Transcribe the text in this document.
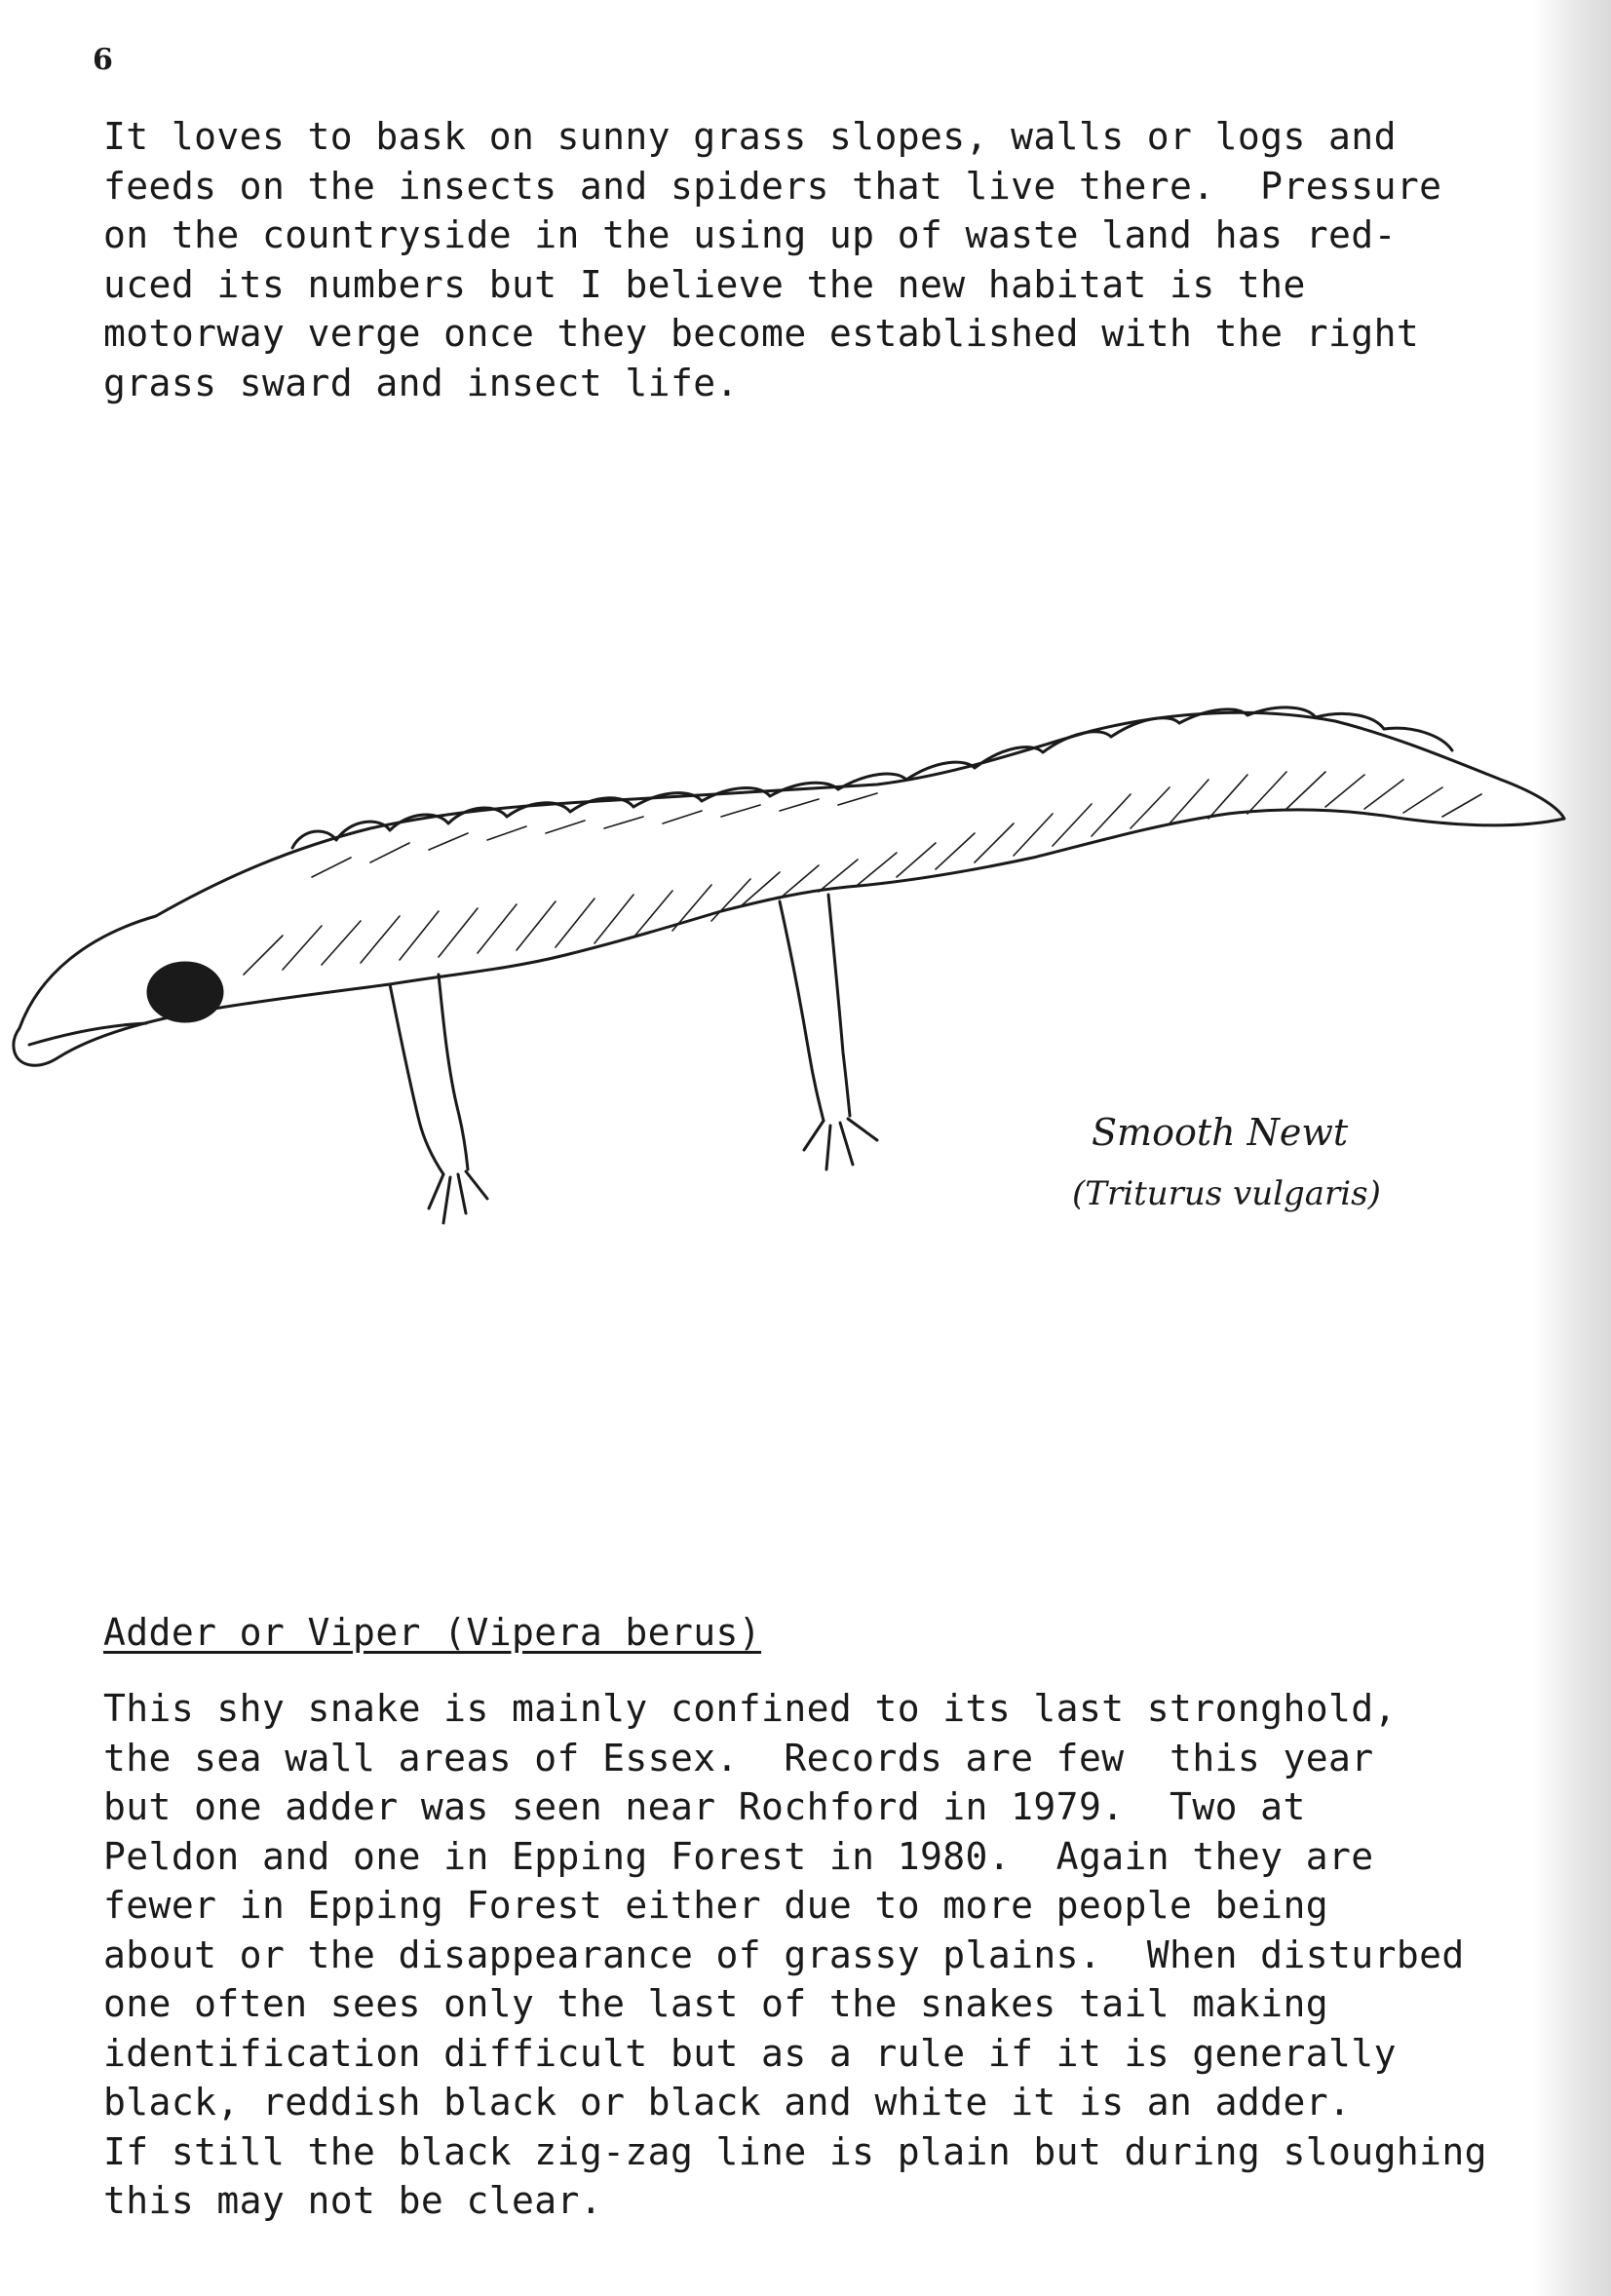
6
It loves to bask on sunny grass slopes, walls or logs and
feeds on the insects and spiders that live there.  Pressure
on the countryside in the using up of waste land has red-
uced its numbers but I believe the new habitat is the
motorway verge once they become established with the right
grass sward and insect life.
Smooth Newt
(Triturus vulgaris)
Adder or Viper (Vipera berus)
This shy snake is mainly confined to its last stronghold,
the sea wall areas of Essex.  Records are few  this year
but one adder was seen near Rochford in 1979.  Two at
Peldon and one in Epping Forest in 1980.  Again they are
fewer in Epping Forest either due to more people being
about or the disappearance of grassy plains.  When disturbed
one often sees only the last of the snakes tail making
identification difficult but as a rule if it is generally
black, reddish black or black and white it is an adder.
If still the black zig-zag line is plain but during sloughing
this may not be clear.
